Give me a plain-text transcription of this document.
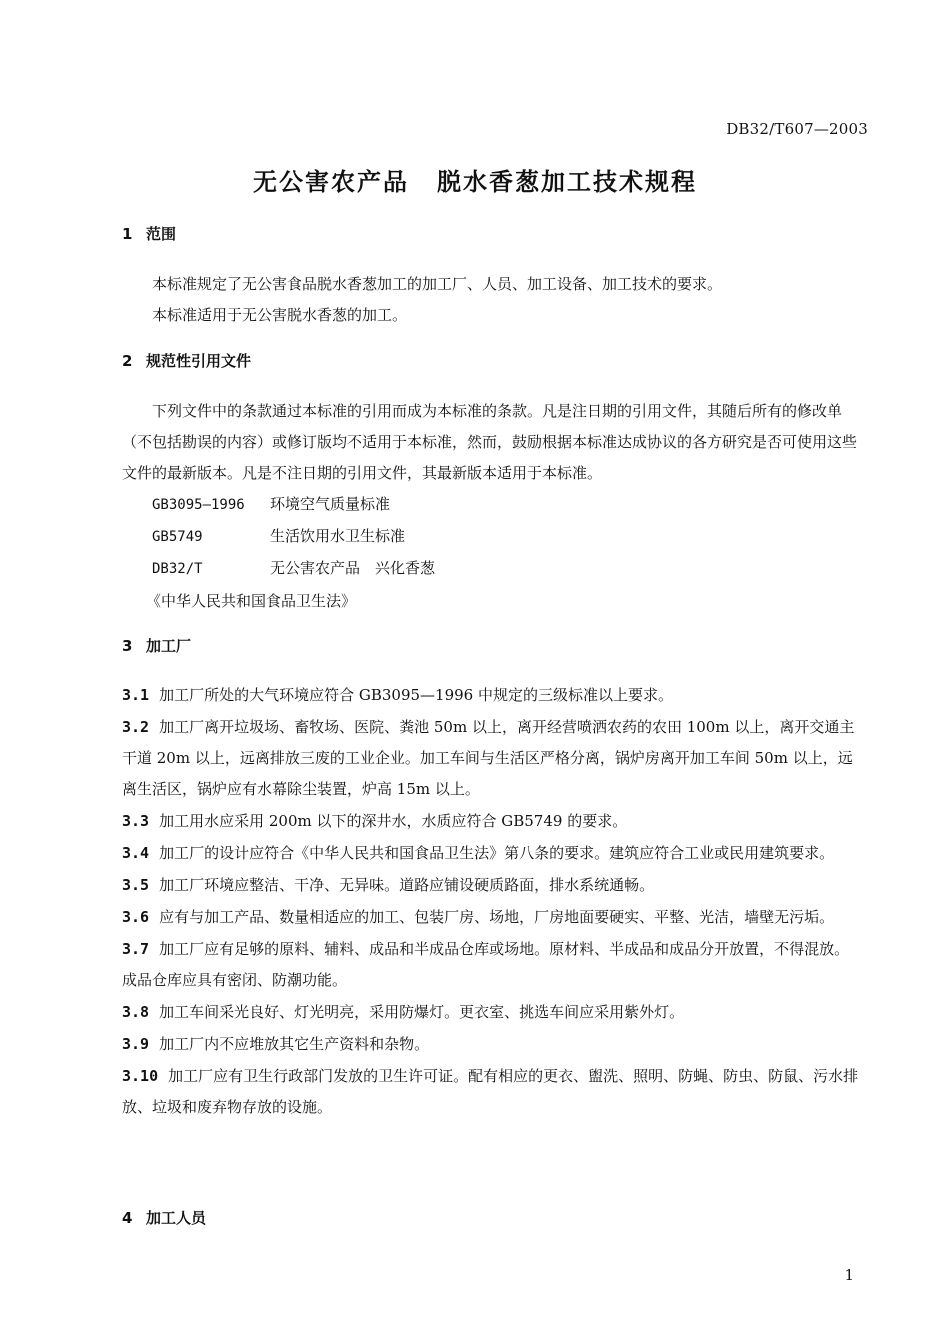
DB32/T607—2003
无公害农产品 脱水香葱加工技术规程
1 范围
本标准规定了无公害食品脱水香葱加工的加工厂、人员、加工设备、加工技术的要求。
本标准适用于无公害脱水香葱的加工。
2 规范性引用文件
下列文件中的条款通过本标准的引用而成为本标准的条款。凡是注日期的引用文件，其随后所有的修改单（不包括勘误的内容）或修订版均不适用于本标准，然而，鼓励根据本标准达成协议的各方研究是否可使用这些文件的最新版本。凡是不注日期的引用文件，其最新版本适用于本标准。
GB3095—1996 环境空气质量标准
GB5749	生活饮用水卫生标准
DB32/T	无公害农产品　兴化香葱
《中华人民共和国食品卫生法》
3 加工厂
3.1 加工厂所处的大气环境应符合 GB3095—1996 中规定的三级标准以上要求。
3.2 加工厂离开垃圾场、畜牧场、医院、粪池 50m 以上，离开经营喷洒农药的农田 100m 以上，离开交通主干道 20m 以上，远离排放三废的工业企业。加工车间与生活区严格分离，锅炉房离开加工车间 50m 以上，远离生活区，锅炉应有水幕除尘装置，炉高 15m 以上。
3.3 加工用水应采用 200m 以下的深井水，水质应符合 GB5749 的要求。
3.4 加工厂的设计应符合《中华人民共和国食品卫生法》第八条的要求。建筑应符合工业或民用建筑要求。
3.5 加工厂环境应整洁、干净、无异味。道路应铺设硬质路面，排水系统通畅。
3.6 应有与加工产品、数量相适应的加工、包装厂房、场地，厂房地面要硬实、平整、光洁，墙壁无污垢。
3.7 加工厂应有足够的原料、辅料、成品和半成品仓库或场地。原材料、半成品和成品分开放置，不得混放。成品仓库应具有密闭、防潮功能。
3.8 加工车间采光良好、灯光明亮，采用防爆灯。更衣室、挑选车间应采用紫外灯。
3.9 加工厂内不应堆放其它生产资料和杂物。
3.10 加工厂应有卫生行政部门发放的卫生许可证。配有相应的更衣、盥洗、照明、防蝇、防虫、防鼠、污水排放、垃圾和废弃物存放的设施。
4 加工人员
1
